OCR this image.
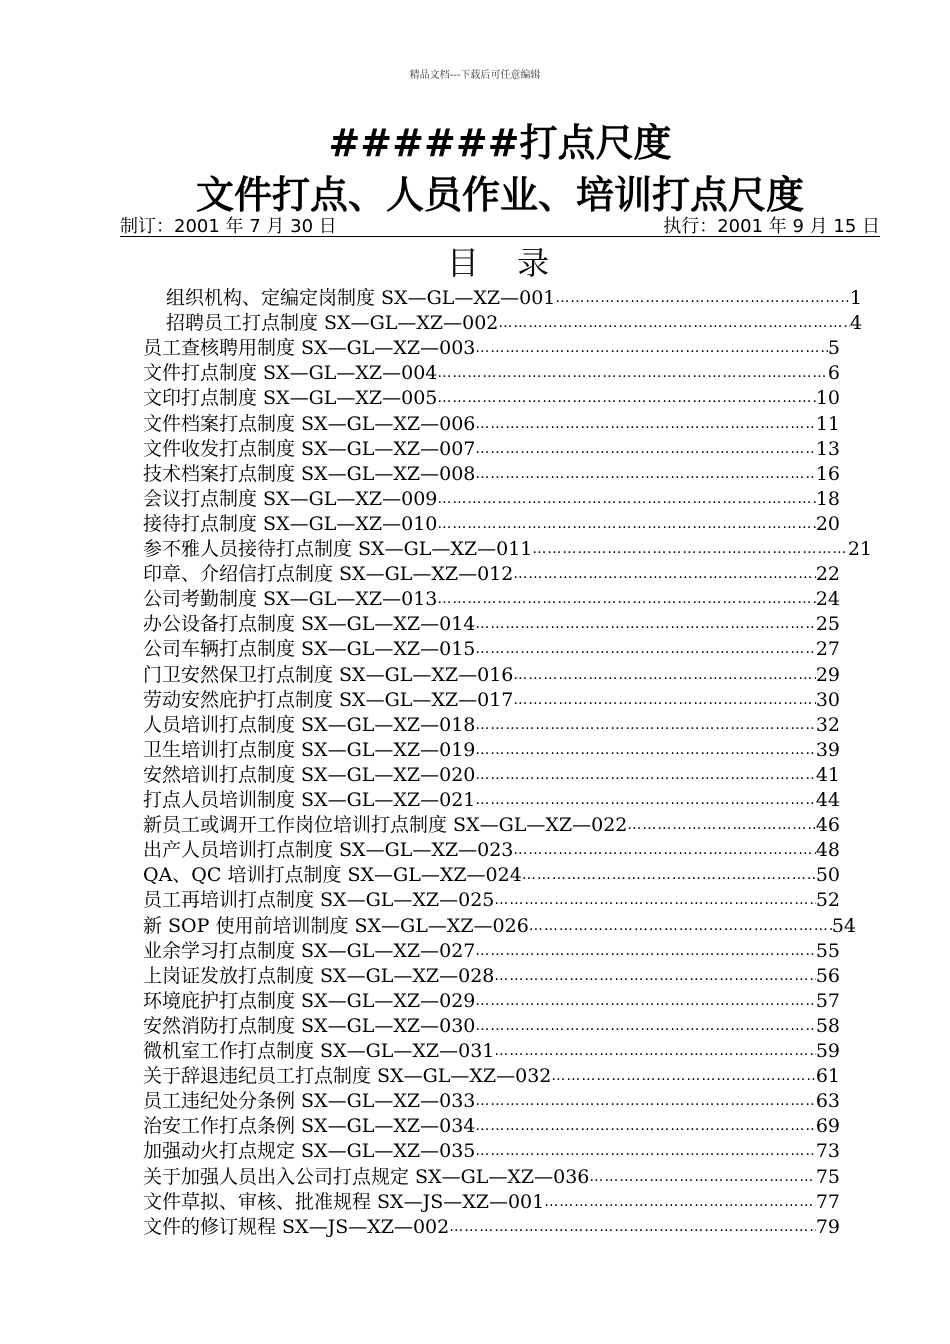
精品文档---下载后可任意编辑
######打点尺度
文件打点、人员作业、培训打点尺度
制订：2001 年 7 月 30 日	执行：2001 年 9 月 15 日
目 录
组织机构、定编定岗制度 SX—GL—XZ—001 ……………………………………………………………………………………………………………………………………………	1
招聘员工打点制度 SX—GL—XZ—002 ……………………………………………………………………………………………………………………………………………	4
员工查核聘用制度 SX—GL—XZ—003 ……………………………………………………………………………………………………………………………………………	5
文件打点制度 SX—GL—XZ—004 ……………………………………………………………………………………………………………………………………………	6
文印打点制度 SX—GL—XZ—005 ……………………………………………………………………………………………………………………………………………	10
文件档案打点制度 SX—GL—XZ—006 ……………………………………………………………………………………………………………………………………………	11
文件收发打点制度 SX—GL—XZ—007 ……………………………………………………………………………………………………………………………………………	13
技术档案打点制度 SX—GL—XZ—008 ……………………………………………………………………………………………………………………………………………	16
会议打点制度 SX—GL—XZ—009 ……………………………………………………………………………………………………………………………………………	18
接待打点制度 SX—GL—XZ—010 ……………………………………………………………………………………………………………………………………………	20
参不雅人员接待打点制度 SX—GL—XZ—011 ……………………………………………………………………………………………………………………………………………	21
印章、介绍信打点制度 SX—GL—XZ—012 ……………………………………………………………………………………………………………………………………………	22
公司考勤制度 SX—GL—XZ—013 ……………………………………………………………………………………………………………………………………………	24
办公设备打点制度 SX—GL—XZ—014 ……………………………………………………………………………………………………………………………………………	25
公司车辆打点制度 SX—GL—XZ—015 ……………………………………………………………………………………………………………………………………………	27
门卫安然保卫打点制度 SX—GL—XZ—016 ……………………………………………………………………………………………………………………………………………	29
劳动安然庇护打点制度 SX—GL—XZ—017 ……………………………………………………………………………………………………………………………………………	30
人员培训打点制度 SX—GL—XZ—018 ……………………………………………………………………………………………………………………………………………	32
卫生培训打点制度 SX—GL—XZ—019 ……………………………………………………………………………………………………………………………………………	39
安然培训打点制度 SX—GL—XZ—020 ……………………………………………………………………………………………………………………………………………	41
打点人员培训制度 SX—GL—XZ—021 ……………………………………………………………………………………………………………………………………………	44
新员工或调开工作岗位培训打点制度 SX—GL—XZ—022 ……………………………………………………………………………………………………………………………………………	46
出产人员培训打点制度 SX—GL—XZ—023 ……………………………………………………………………………………………………………………………………………	48
QA、QC 培训打点制度 SX—GL—XZ—024 ……………………………………………………………………………………………………………………………………………	50
员工再培训打点制度 SX—GL—XZ—025 ……………………………………………………………………………………………………………………………………………	52
新 SOP 使用前培训制度 SX—GL—XZ—026 ……………………………………………………………………………………………………………………………………………	54
业余学习打点制度 SX—GL—XZ—027 ……………………………………………………………………………………………………………………………………………	55
上岗证发放打点制度 SX—GL—XZ—028 ……………………………………………………………………………………………………………………………………………	56
环境庇护打点制度 SX—GL—XZ—029 ……………………………………………………………………………………………………………………………………………	57
安然消防打点制度 SX—GL—XZ—030 ……………………………………………………………………………………………………………………………………………	58
微机室工作打点制度 SX—GL—XZ—031 ……………………………………………………………………………………………………………………………………………	59
关于辞退违纪员工打点制度 SX—GL—XZ—032 ……………………………………………………………………………………………………………………………………………	61
员工违纪处分条例 SX—GL—XZ—033 ……………………………………………………………………………………………………………………………………………	63
治安工作打点条例 SX—GL—XZ—034 ……………………………………………………………………………………………………………………………………………	69
加强动火打点规定 SX—GL—XZ—035 ……………………………………………………………………………………………………………………………………………	73
关于加强人员出入公司打点规定 SX—GL—XZ—036 ……………………………………………………………………………………………………………………………………………	75
文件草拟、审核、批准规程 SX—JS—XZ—001 ……………………………………………………………………………………………………………………………………………	77
文件的修订规程 SX—JS—XZ—002 ……………………………………………………………………………………………………………………………………………	79
